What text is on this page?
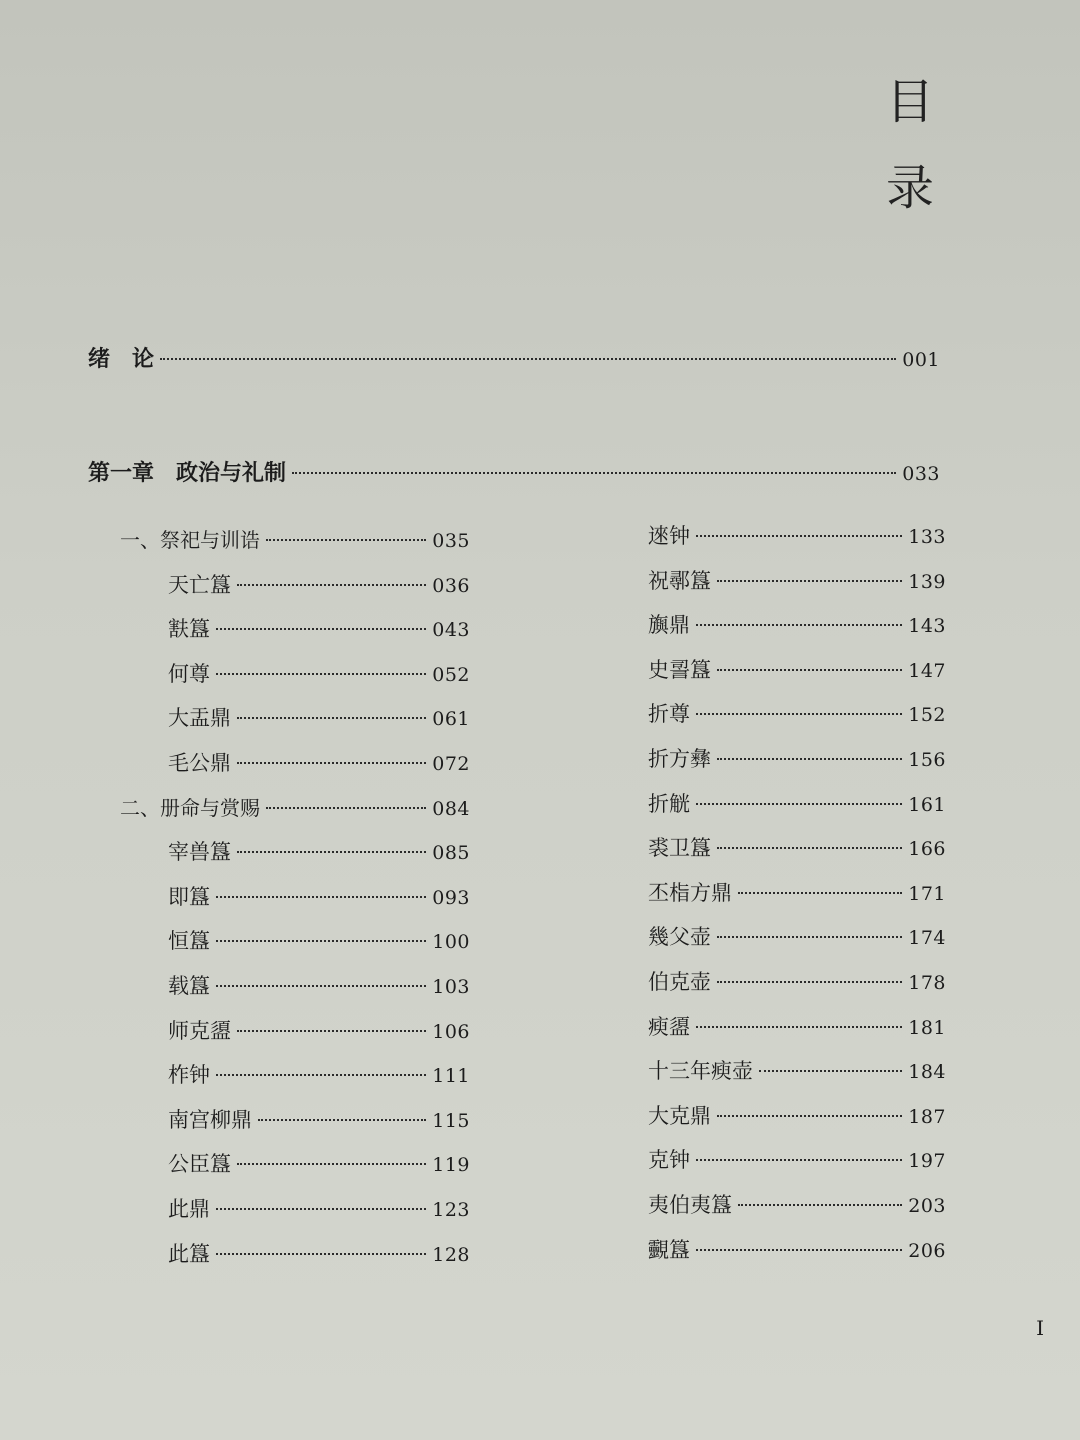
目
录
绪　论	001
第一章　政治与礼制	033
一、祭祀与训诰	035
天亡簋	036
㝬簋	043
何尊	052
大盂鼎	061
毛公鼎	072
二、册命与赏赐	084
宰兽簋	085
即簋	093
恒簋	100
载簋	103
师克盨	106
柞钟	111
南宫柳鼎	115
公臣簋	119
此鼎	123
此簋	128
逨钟	133
祝鄩簋	139
旟鼎	143
史䛐簋	147
折尊	152
折方彝	156
折觥	161
裘卫簋	166
丕栺方鼎	171
幾父壶	174
伯克壶	178
瘐盨	181
十三年瘐壶	184
大克鼎	187
克钟	197
夷伯夷簋	203
䚖簋	206
I
